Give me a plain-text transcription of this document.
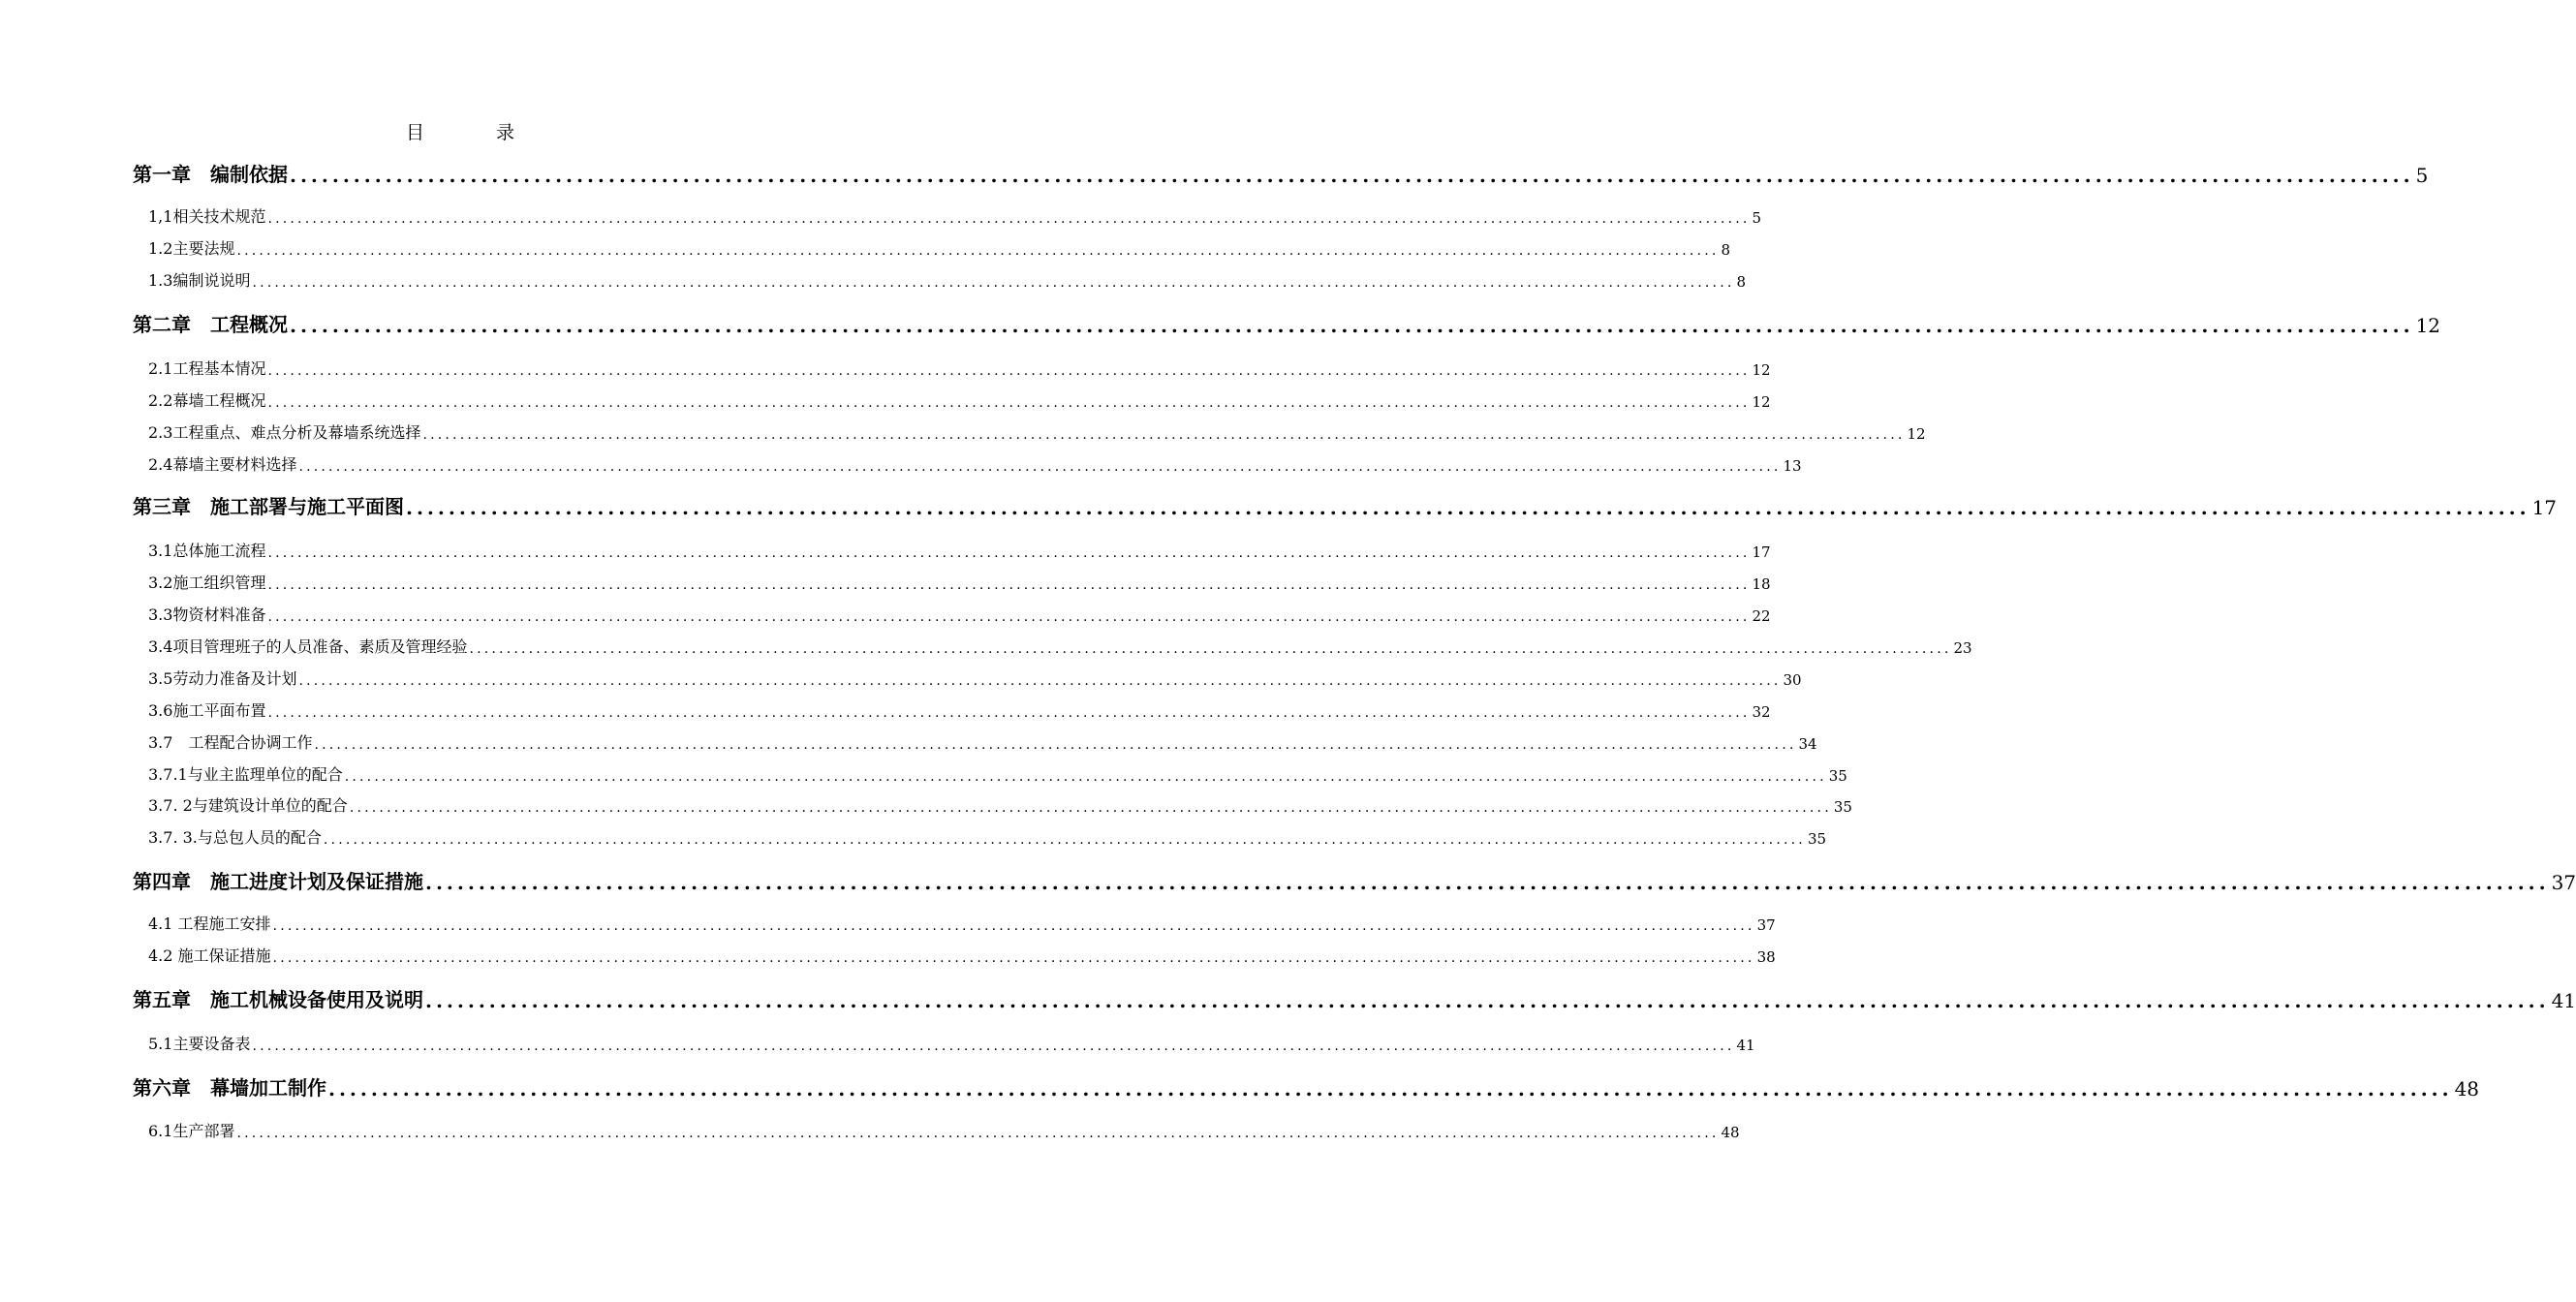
目	录
第一章　编制依据 ........................................................................................................................................................................................................ 5
1,1相关技术规范 ........................................................................................................................................................................................................ 5
1.2主要法规 ........................................................................................................................................................................................................ 8
1.3编制说说明 ........................................................................................................................................................................................................ 8
第二章　工程概况 ........................................................................................................................................................................................................ 12
2.1工程基本情况 ........................................................................................................................................................................................................ 12
2.2幕墙工程概况 ........................................................................................................................................................................................................ 12
2.3工程重点、难点分析及幕墙系统选择 ........................................................................................................................................................................................................ 12
2.4幕墙主要材料选择 ........................................................................................................................................................................................................ 13
第三章　施工部署与施工平面图 ........................................................................................................................................................................................................ 17
3.1总体施工流程 ........................................................................................................................................................................................................ 17
3.2施工组织管理 ........................................................................................................................................................................................................ 18
3.3物资材料准备 ........................................................................................................................................................................................................ 22
3.4项目管理班子的人员准备、素质及管理经验 ........................................................................................................................................................................................................ 23
3.5劳动力准备及计划 ........................................................................................................................................................................................................ 30
3.6施工平面布置 ........................................................................................................................................................................................................ 32
3.7　工程配合协调工作 ........................................................................................................................................................................................................ 34
3.7.1与业主监理单位的配合 ........................................................................................................................................................................................................ 35
3.7. 2与建筑设计单位的配合 ........................................................................................................................................................................................................ 35
3.7. 3.与总包人员的配合 ........................................................................................................................................................................................................ 35
第四章　施工进度计划及保证措施 ........................................................................................................................................................................................................ 37
4.1 工程施工安排 ........................................................................................................................................................................................................ 37
4.2 施工保证措施 ........................................................................................................................................................................................................ 38
第五章　施工机械设备使用及说明 ........................................................................................................................................................................................................ 41
5.1主要设备表 ........................................................................................................................................................................................................ 41
第六章　幕墙加工制作 ........................................................................................................................................................................................................ 48
6.1生产部署 ........................................................................................................................................................................................................ 48
